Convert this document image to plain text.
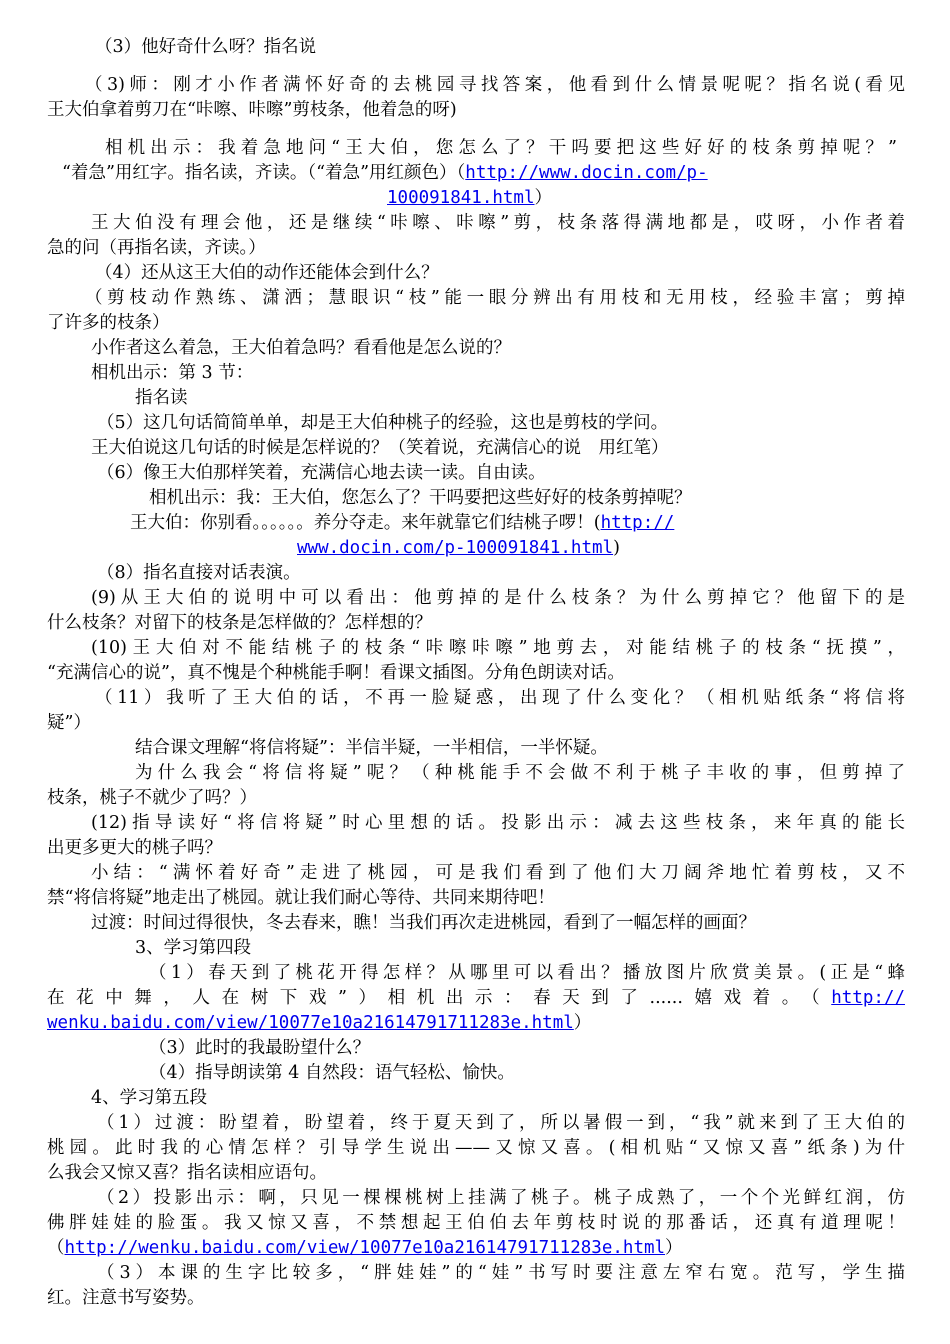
（3）他好奇什么呀？指名说
（3)师：刚才小作者满怀好奇的去桃园寻找答案，他看到什么情景呢呢？指名说(看见
王大伯拿着剪刀在“咔嚓、咔嚓”剪枝条，他着急的呀)
相机出示：我着急地问“王大伯，您怎么了？干吗要把这些好好的枝条剪掉呢？”
“着急”用红字。指名读，齐读。（“着急”用红颜色）（http://www.docin.com/p-
100091841.html）
王大伯没有理会他，还是继续“咔嚓、咔嚓”剪，枝条落得满地都是，哎呀，小作者着
急的问（再指名读，齐读。）
（4）还从这王大伯的动作还能体会到什么？
（剪枝动作熟练、潇洒；慧眼识“枝”能一眼分辨出有用枝和无用枝，经验丰富；剪掉
了许多的枝条）
小作者这么着急，王大伯着急吗？看看他是怎么说的？
相机出示：第 3 节：
指名读
（5）这几句话简简单单，却是王大伯种桃子的经验，这也是剪枝的学问。
王大伯说这几句话的时候是怎样说的？（笑着说，充满信心的说　用红笔）
（6）像王大伯那样笑着，充满信心地去读一读。自由读。
相机出示：我：王大伯，您怎么了？干吗要把这些好好的枝条剪掉呢？
王大伯：你别看。。。。。。养分夺走。来年就靠它们结桃子啰！(http://
www.docin.com/p-100091841.html)
（8）指名直接对话表演。
(9)从王大伯的说明中可以看出：他剪掉的是什么枝条？为什么剪掉它？他留下的是
什么枝条？对留下的枝条是怎样做的？怎样想的？
(10)王大伯对不能结桃子的枝条“咔嚓咔嚓”地剪去，对能结桃子的枝条“抚摸”，
“充满信心的说”，真不愧是个种桃能手啊！看课文插图。分角色朗读对话。
（11）我听了王大伯的话，不再一脸疑惑，出现了什么变化？（相机贴纸条“将信将
疑”）
结合课文理解“将信将疑”：半信半疑，一半相信，一半怀疑。
为什么我会“将信将疑”呢？（种桃能手不会做不利于桃子丰收的事，但剪掉了
枝条，桃子不就少了吗？）
(12)指导读好“将信将疑”时心里想的话。投影出示：减去这些枝条，来年真的能长
出更多更大的桃子吗？
小结：“满怀着好奇”走进了桃园，可是我们看到了他们大刀阔斧地忙着剪枝，又不
禁“将信将疑”地走出了桃园。就让我们耐心等待、共同来期待吧！
过渡：时间过得很快，冬去春来，瞧！当我们再次走进桃园，看到了一幅怎样的画面？
3、学习第四段
（1）春天到了桃花开得怎样？从哪里可以看出？播放图片欣赏美景。(正是“蜂
在花中舞，人在树下戏”）相机出示：春天到了......嬉戏着。（http://
wenku.baidu.com/view/10077e10a21614791711283e.html）
（3）此时的我最盼望什么？
（4）指导朗读第 4 自然段：语气轻松、愉快。
4、学习第五段
（1）过渡：盼望着，盼望着，终于夏天到了，所以暑假一到，“我”就来到了王大伯的
桃园。此时我的心情怎样？引导学生说出——又惊又喜。(相机贴“又惊又喜”纸条)为什
么我会又惊又喜？指名读相应语句。
（2）投影出示：啊，只见一棵棵桃树上挂满了桃子。桃子成熟了，一个个光鲜红润，仿
佛胖娃娃的脸蛋。我又惊又喜，不禁想起王伯伯去年剪枝时说的那番话，还真有道理呢！
（http://wenku.baidu.com/view/10077e10a21614791711283e.html）
（3）本课的生字比较多，“胖娃娃”的“娃”书写时要注意左窄右宽。范写，学生描
红。注意书写姿势。
